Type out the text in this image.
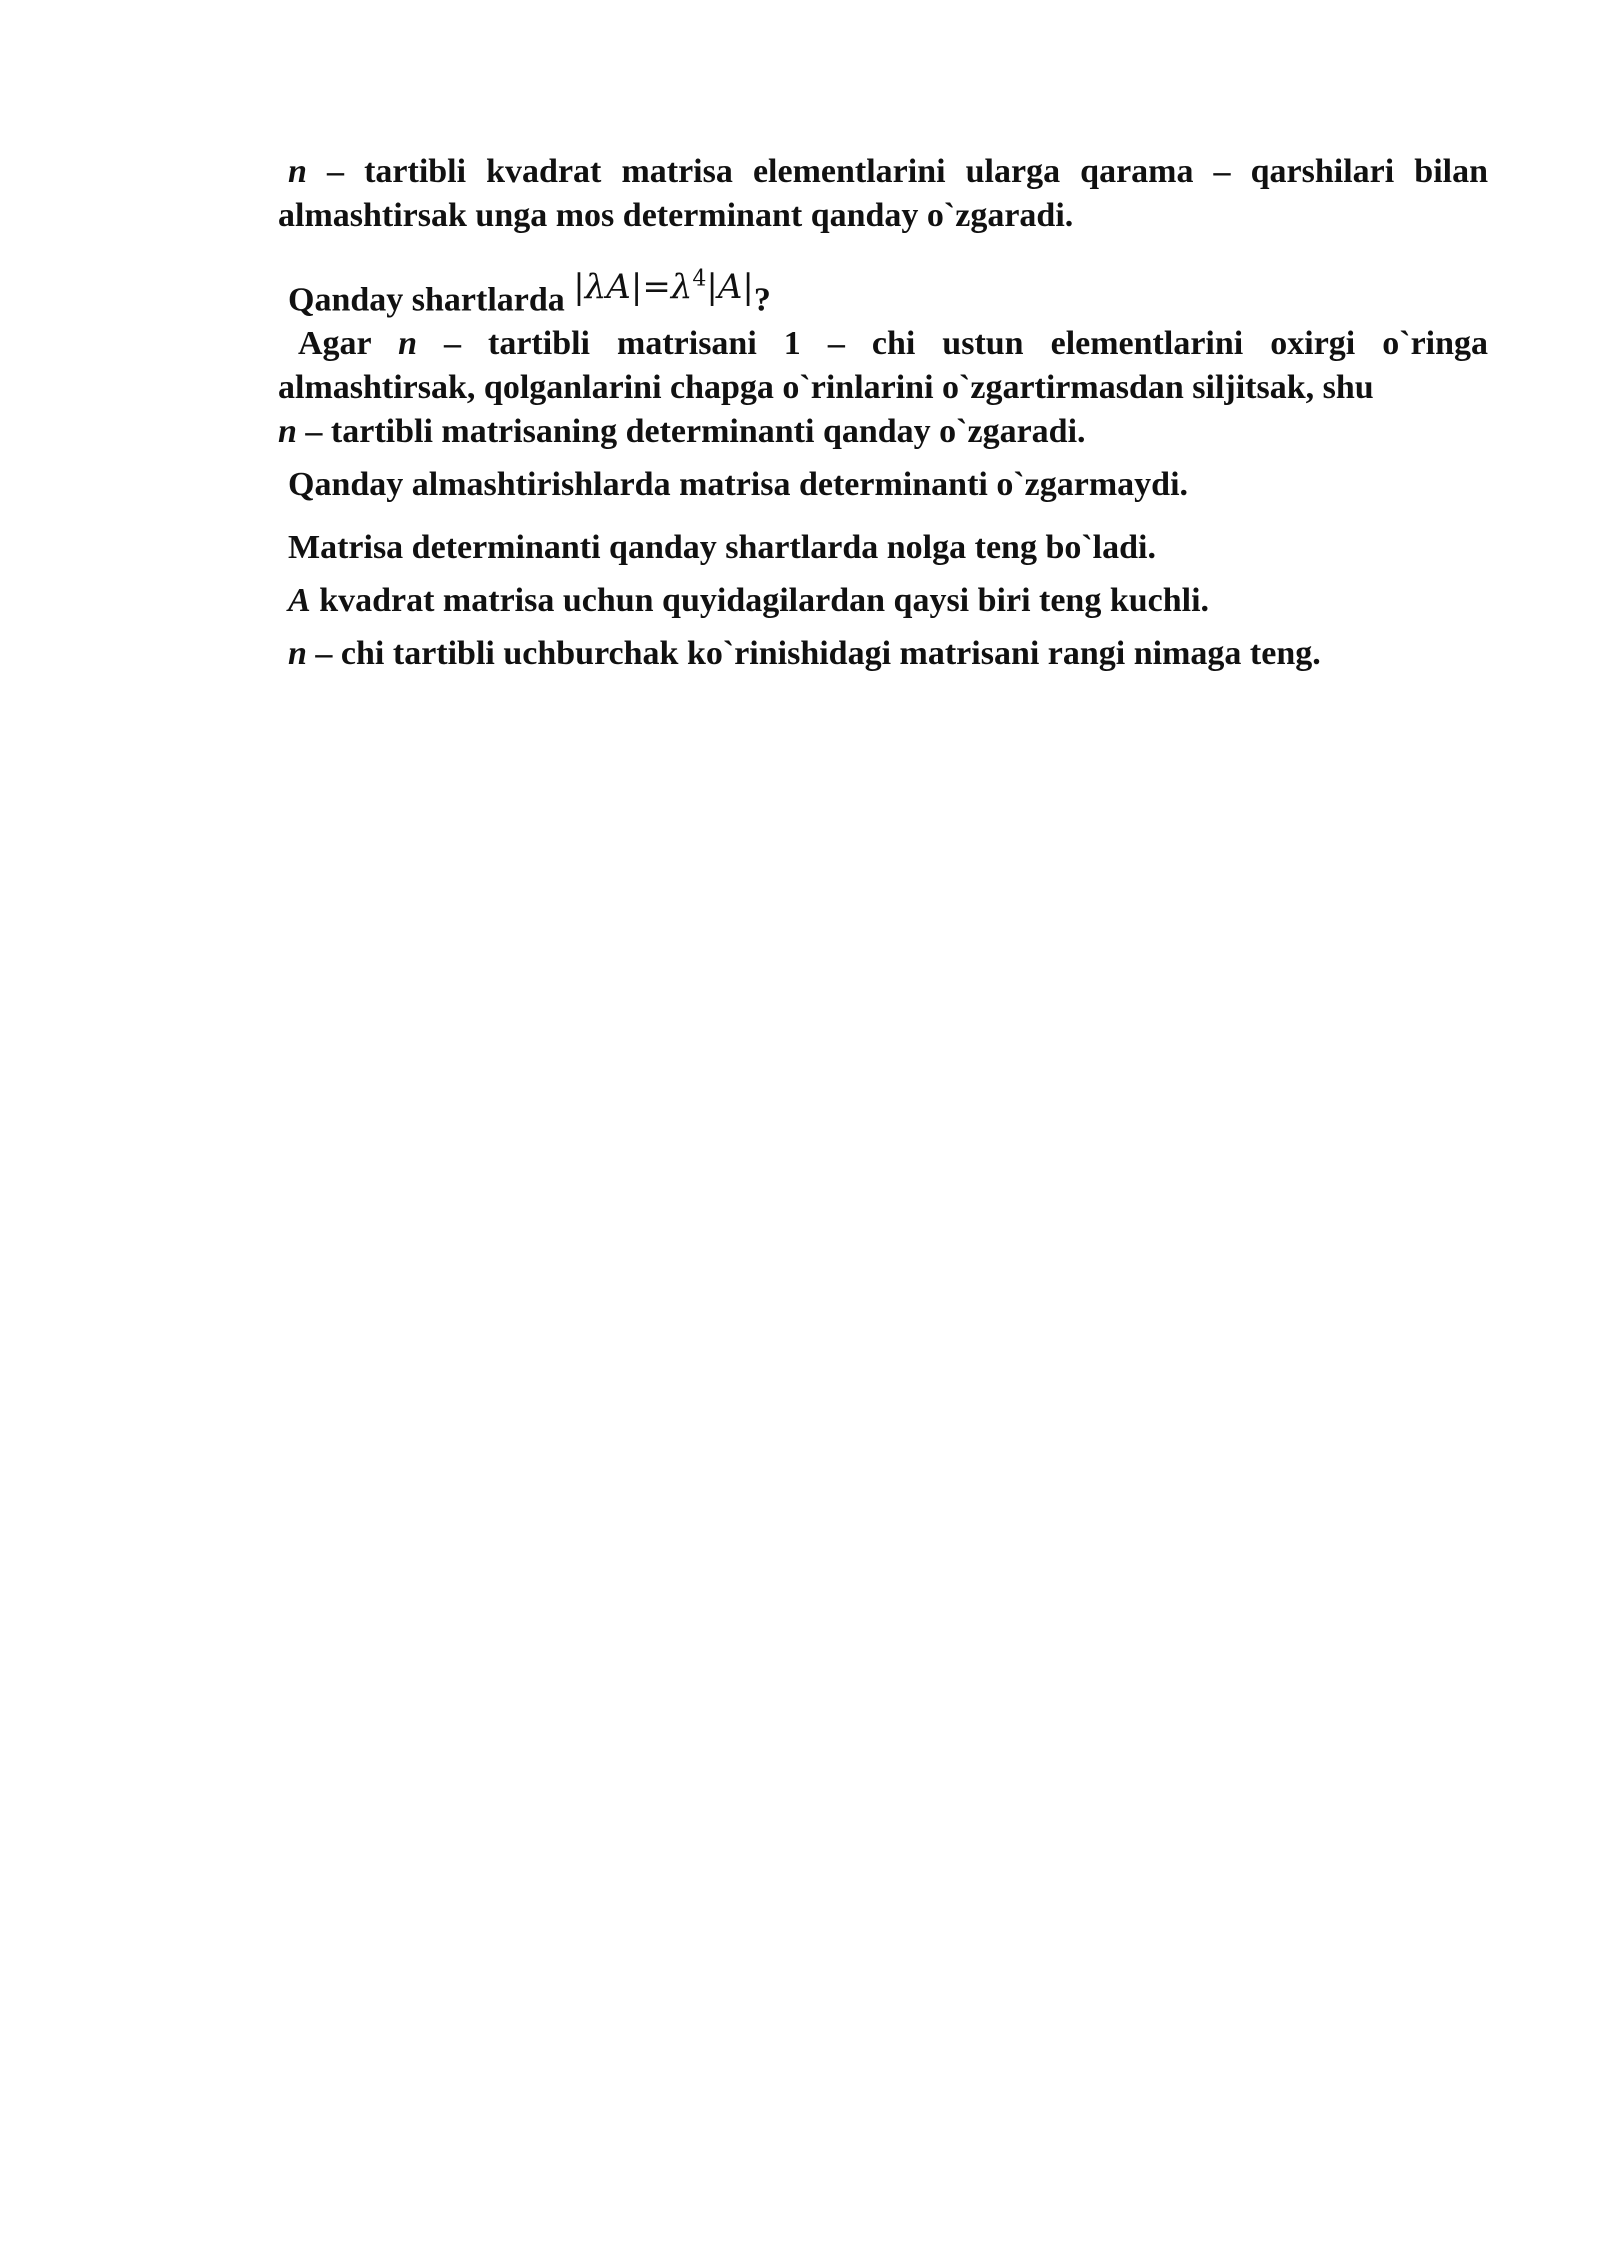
n – tartibli kvadrat matrisa elementlarini ularga qarama – qarshilari bilan almashtirsak unga mos determinant qanday o`zgaradi.

Qanday shartlarda $|\lambda A|=\lambda^4|A|$?

Agar n – tartibli matrisani 1 – chi ustun elementlarini oxirgi o`ringa almashtirsak, qolganlarini chapga o`rinlarini o`zgartirmasdan siljitsak, shu
n – tartibli matrisaning determinanti qanday o`zgaradi.

Qanday almashtirishlarda matrisa determinanti o`zgarmaydi.

Matrisa determinanti qanday shartlarda nolga teng bo`ladi.

A kvadrat matrisa uchun quyidagilardan qaysi biri teng kuchli.

n – chi tartibli uchburchak ko`rinishidagi matrisani rangi nimaga teng.
